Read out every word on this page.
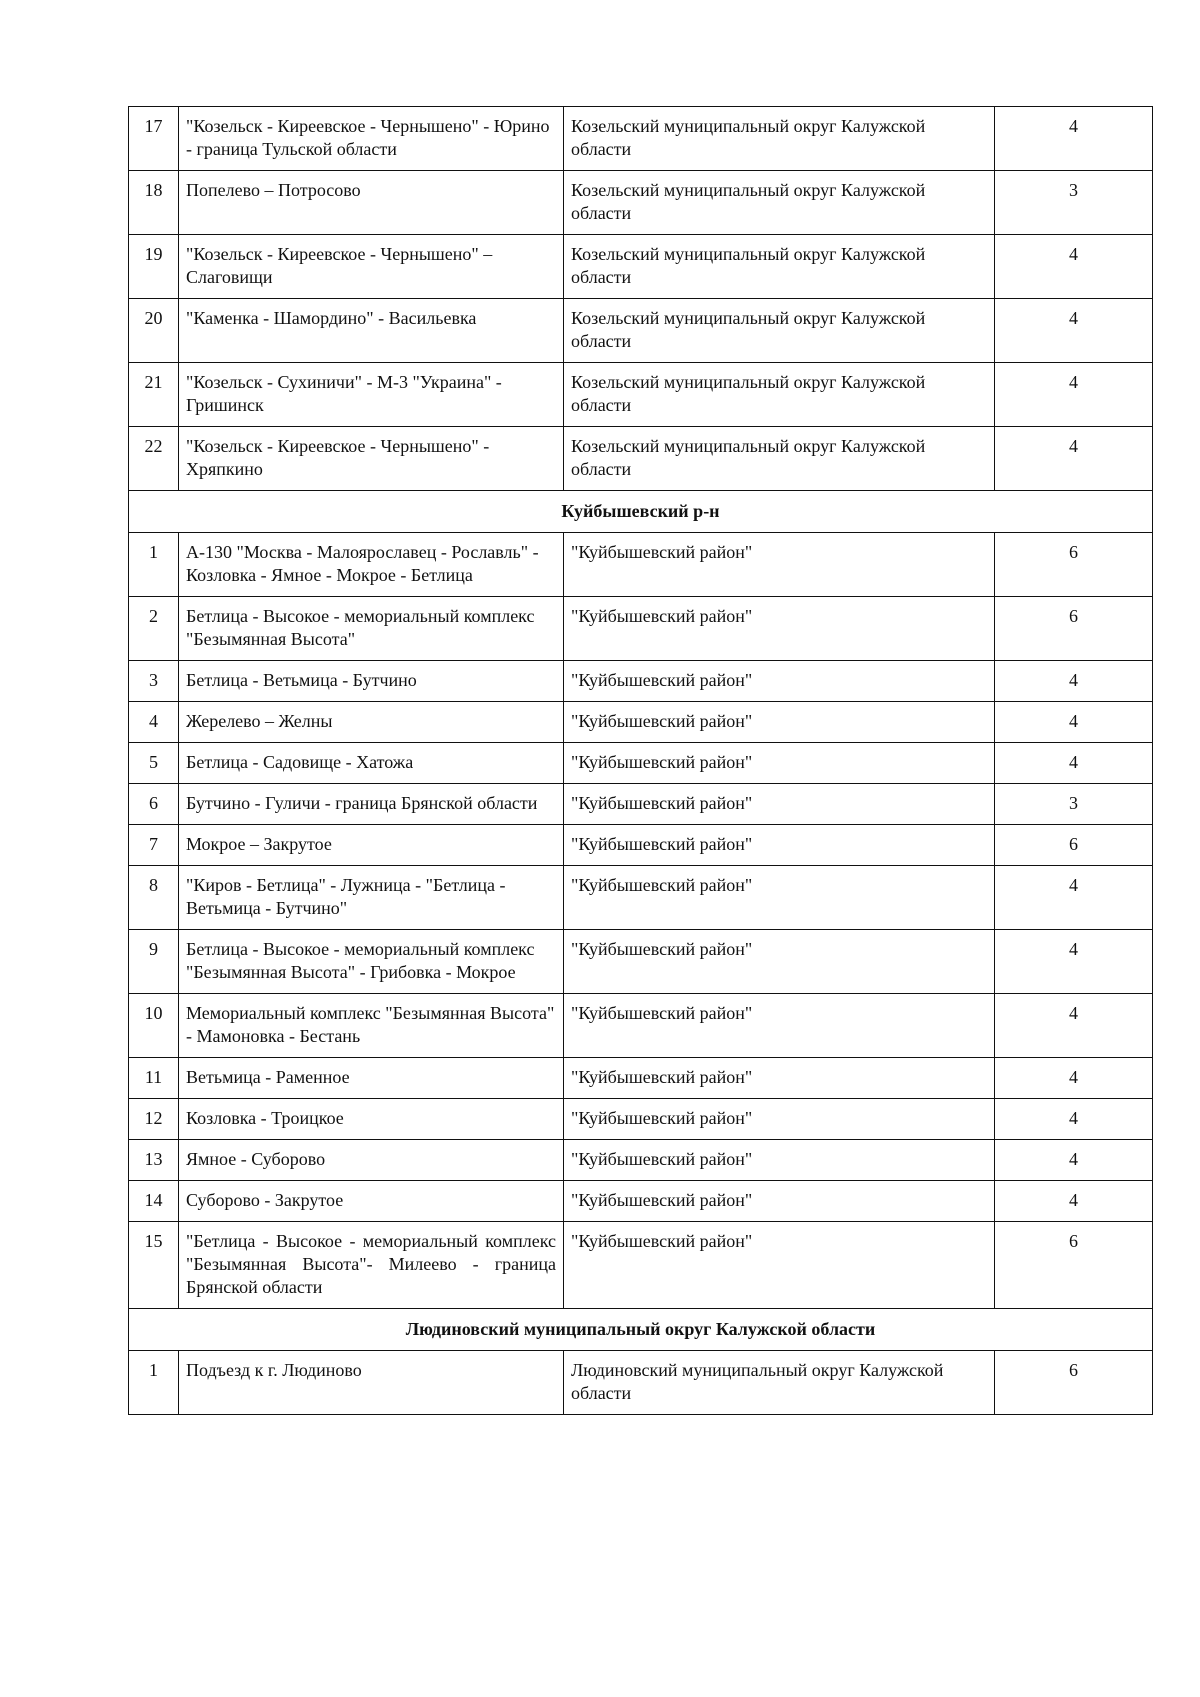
17	"Козельск - Киреевское - Чернышено" - Юрино - граница Тульской области	Козельский муниципальный округ Калужской области	4
18	Попелево – Потросово	Козельский муниципальный округ Калужской области	3
19	"Козельск - Киреевское - Чернышено" – Слаговищи	Козельский муниципальный округ Калужской области	4
20	"Каменка - Шамордино" - Васильевка	Козельский муниципальный округ Калужской области	4
21	"Козельск - Сухиничи" - М-3 "Украина" - Гришинск	Козельский муниципальный округ Калужской области	4
22	"Козельск - Киреевское - Чернышено" - Хряпкино	Козельский муниципальный округ Калужской области	4
Куйбышевский р-н			
1	А-130 "Москва - Малоярославец - Рославль" - Козловка - Ямное - Мокрое - Бетлица	"Куйбышевский район"	6
2	Бетлица - Высокое - мемориальный комплекс "Безымянная Высота"	"Куйбышевский район"	6
3	Бетлица - Ветьмица - Бутчино	"Куйбышевский район"	4
4	Жерелево – Желны	"Куйбышевский район"	4
5	Бетлица - Садовище - Хатожа	"Куйбышевский район"	4
6	Бутчино - Гуличи - граница Брянской области	"Куйбышевский район"	3
7	Мокрое – Закрутое	"Куйбышевский район"	6
8	"Киров - Бетлица" - Лужница - "Бетлица - Ветьмица - Бутчино"	"Куйбышевский район"	4
9	Бетлица - Высокое - мемориальный комплекс "Безымянная Высота" - Грибовка - Мокрое	"Куйбышевский район"	4
10	Мемориальный комплекс "Безымянная Высота" - Мамоновка - Бестань	"Куйбышевский район"	4
11	Ветьмица - Раменное	"Куйбышевский район"	4
12	Козловка - Троицкое	"Куйбышевский район"	4
13	Ямное - Суборово	"Куйбышевский район"	4
14	Суборово - Закрутое	"Куйбышевский район"	4
15	"Бетлица - Высокое - мемориальный комплекс "Безымянная Высота"- Милеево - граница Брянской области	"Куйбышевский район"	6
Людиновский муниципальный округ Калужской области			
1	Подъезд к г. Людиново	Людиновский муниципальный округ Калужской области	6
